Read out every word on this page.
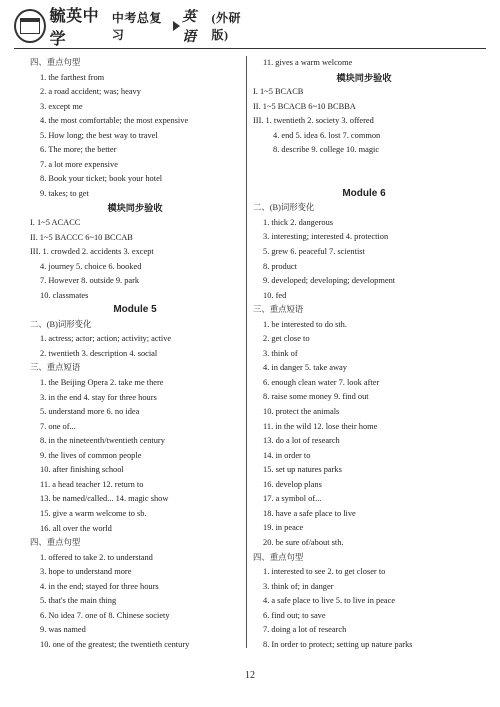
毓英中学
中考总复习
英语
(外研版)
四、重点句型
1. the farthest from
2. a road accident; was; heavy
3. except me
4. the most comfortable; the most expensive
5. How long; the best way to travel
6. The more; the better
7. a lot more expensive
8. Book your ticket; book your hotel
9. takes; to get
模块同步验收
I. 1~5 ACACC
II. 1~5 BACCC 6~10 BCCAB
III. 1. crowded 2. accidents 3. except
4. journey 5. choice 6. booked
7. However 8. outside 9. park
10. classmates
Module 5
二、(B)词形变化
1. actress; actor; action; activity; active
2. twentieth 3. description 4. social
三、重点短语
1. the Beijing Opera 2. take me there
3. in the end 4. stay for three hours
5. understand more 6. no idea
7. one of...
8. in the nineteenth/twentieth century
9. the lives of common people
10. after finishing school
11. a head teacher 12. return to
13. be named/called... 14. magic show
15. give a warm welcome to sb.
16. all over the world
四、重点句型
1. offered to take 2. to understand
3. hope to understand more
4. in the end; stayed for three hours
5. that's the main thing
6. No idea 7. one of 8. Chinese society
9. was named
10. one of the greatest; the twentieth century
11. gives a warm welcome
模块同步验收
I. 1~5 BCACB
II. 1~5 BCACB 6~10 BCBBA
III. 1. twentieth 2. society 3. offered
4. end 5. idea 6. lost 7. common
8. describe 9. college 10. magic
Module 6
二、(B)词形变化
1. thick 2. dangerous
3. interesting; interested 4. protection
5. grew 6. peaceful 7. scientist
8. product
9. developed; developing; development
10. fed
三、重点短语
1. be interested to do sth.
2. get close to
3. think of
4. in danger 5. take away
6. enough clean water 7. look after
8. raise some money 9. find out
10. protect the animals
11. in the wild 12. lose their home
13. do a lot of research
14. in order to
15. set up natures parks
16. develop plans
17. a symbol of...
18. have a safe place to live
19. in peace
20. be sure of/about sth.
四、重点句型
1. interested to see 2. to get closer to
3. think of; in danger
4. a safe place to live 5. to live in peace
6. find out; to save
7. doing a lot of research
8. In order to protect; setting up nature parks
12
